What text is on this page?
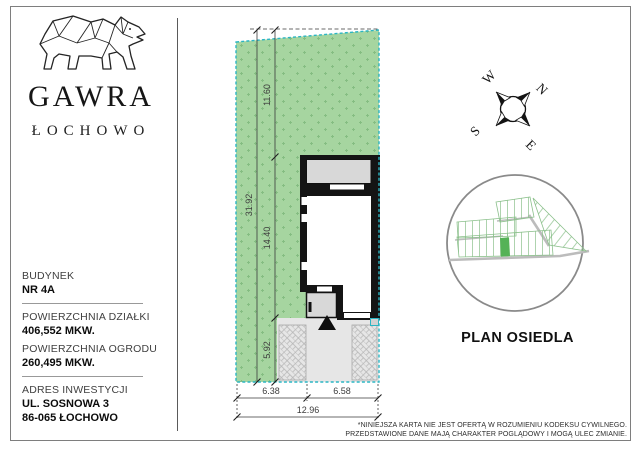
GAWRA
ŁOCHOWO
BUDYNEK
NR 4A
POWIERZCHNIA DZIAŁKI
406,552 MKW.
POWIERZCHNIA OGRODU
260,495 MKW.
ADRES INWESTYCJI
UL. SOSNOWA 3
86-065 ŁOCHOWO
31.92
11.60
14.40
5.92
6.38	6.58
12.96
W
N
S
E
PLAN OSIEDLA
*NINIEJSZA KARTA NIE JEST OFERTĄ W ROZUMIENIU KODEKSU CYWILNEGO.
PRZEDSTAWIONE DANE MAJĄ CHARAKTER POGLĄDOWY I MOGĄ ULEC ZMIANIE.
